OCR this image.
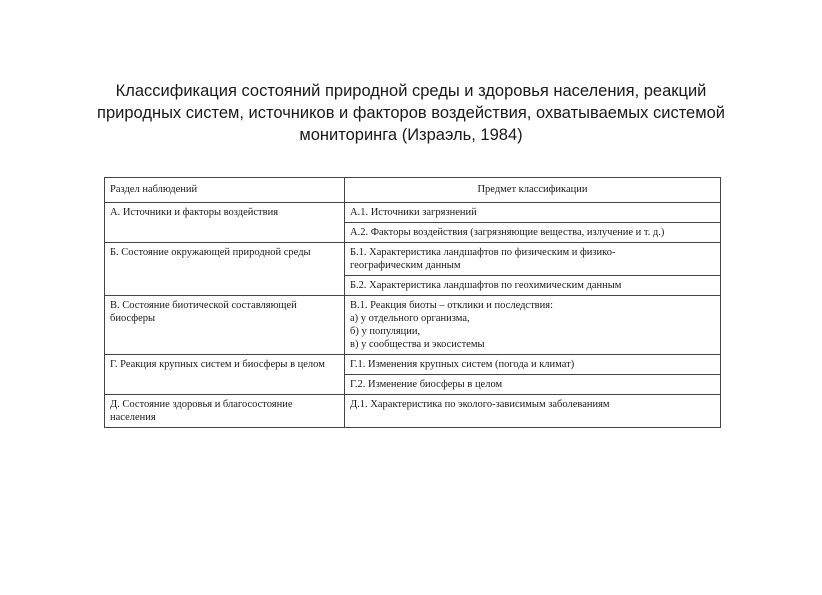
Классификация состояний природной среды и здоровья населения, реакций
природных систем, источников и факторов воздействия, охватываемых системой
мониторинга (Израэль, 1984)
Раздел наблюдений	Предмет классификации
А. Источники и факторы воздействия	А.1. Источники загрязнений

	А.2. Факторы воздействия (загрязняющие вещества, излучение и т. д.)

Б. Состояние окружающей природной среды	Б.1. Характеристика ландшафтов по физическим и физико-
географическим данным

	Б.2. Характеристика ландшафтов по геохимическим данным

В. Состояние биотической составляющей биосферы	В.1. Реакция биоты – отклики и последствия:
а) у отдельного организма,
б) у популяции,
в) у сообщества и экосистемы

Г. Реакция крупных систем и биосферы в целом	Г.1. Изменения крупных систем (погода и климат)

	Г.2. Изменение биосферы в целом

Д. Состояние здоровья и благосостояние населения	Д.1. Характеристика по эколого-зависимым заболеваниям
